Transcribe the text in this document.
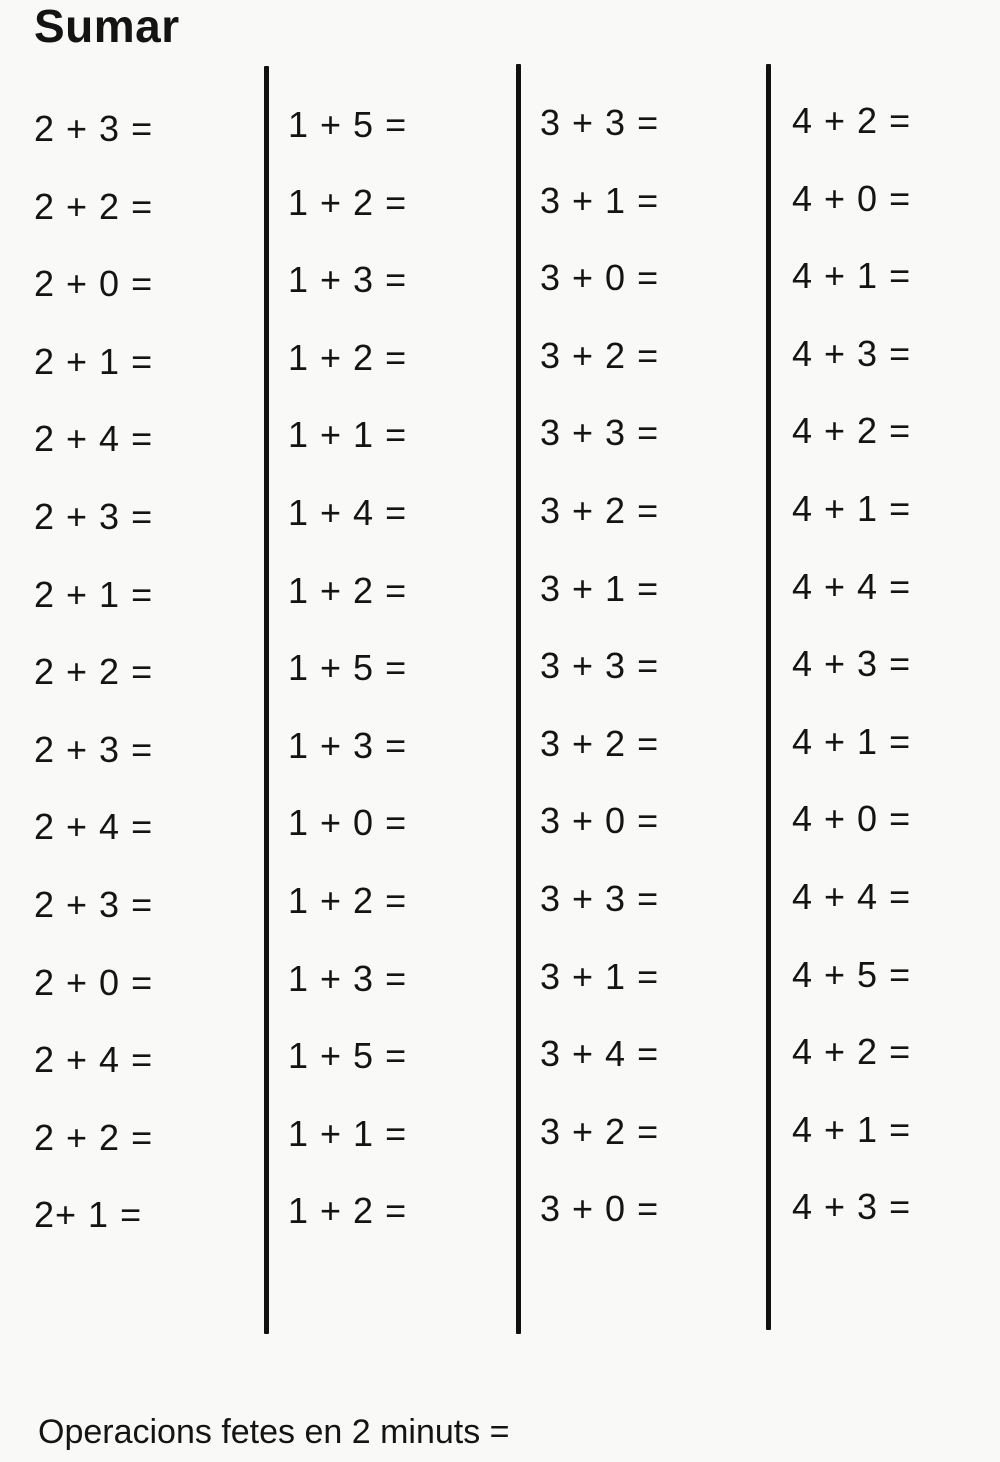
Sumar
2 + 3 =
2 + 2 =
2 + 0 =
2 + 1 =
2 + 4 =
2 + 3 =
2 + 1 =
2 + 2 =
2 + 3 =
2 + 4 =
2 + 3 =
2 + 0 =
2 + 4 =
2 + 2 =
2+ 1 =
1 + 5 =
1 + 2 =
1 + 3 =
1 + 2 =
1 + 1 =
1 + 4 =
1 + 2 =
1 + 5 =
1 + 3 =
1 + 0 =
1 + 2 =
1 + 3 =
1 + 5 =
1 + 1 =
1 + 2 =
3 + 3 =
3 + 1 =
3 + 0 =
3 + 2 =
3 + 3 =
3 + 2 =
3 + 1 =
3 + 3 =
3 + 2 =
3 + 0 =
3 + 3 =
3 + 1 =
3 + 4 =
3 + 2 =
3 + 0 =
4 + 2 =
4 + 0 =
4 + 1 =
4 + 3 =
4 + 2 =
4 + 1 =
4 + 4 =
4 + 3 =
4 + 1 =
4 + 0 =
4 + 4 =
4 + 5 =
4 + 2 =
4 + 1 =
4 + 3 =
Operacions fetes en 2 minuts =
